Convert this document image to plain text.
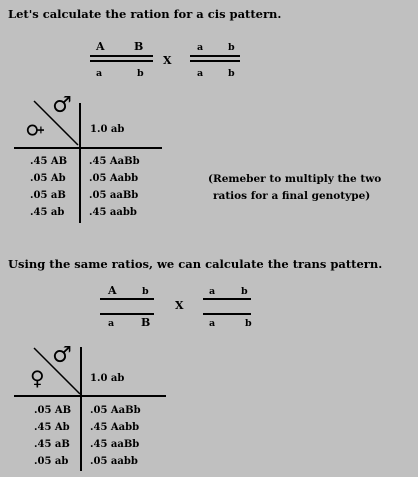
Let's calculate the ration for a cis pattern.
A	B
a	b
X
a	b
a	b
♂
♀	1.0 ab
.45 AB .45 AaBb
.05 Ab .05 Aabb
.05 aB .05 aaBb
.45 ab .45 aabb
(Remeber to multiply the two
ratios for a final genotype)
Using the same ratios, we can calculate the trans pattern.
A	b
a B
X
a	b
a	b
♂
♀	1.0 ab
.05 AB .05 AaBb
.45 Ab .45 Aabb
.45 aB .45 aaBb
.05 ab .05 aabb
